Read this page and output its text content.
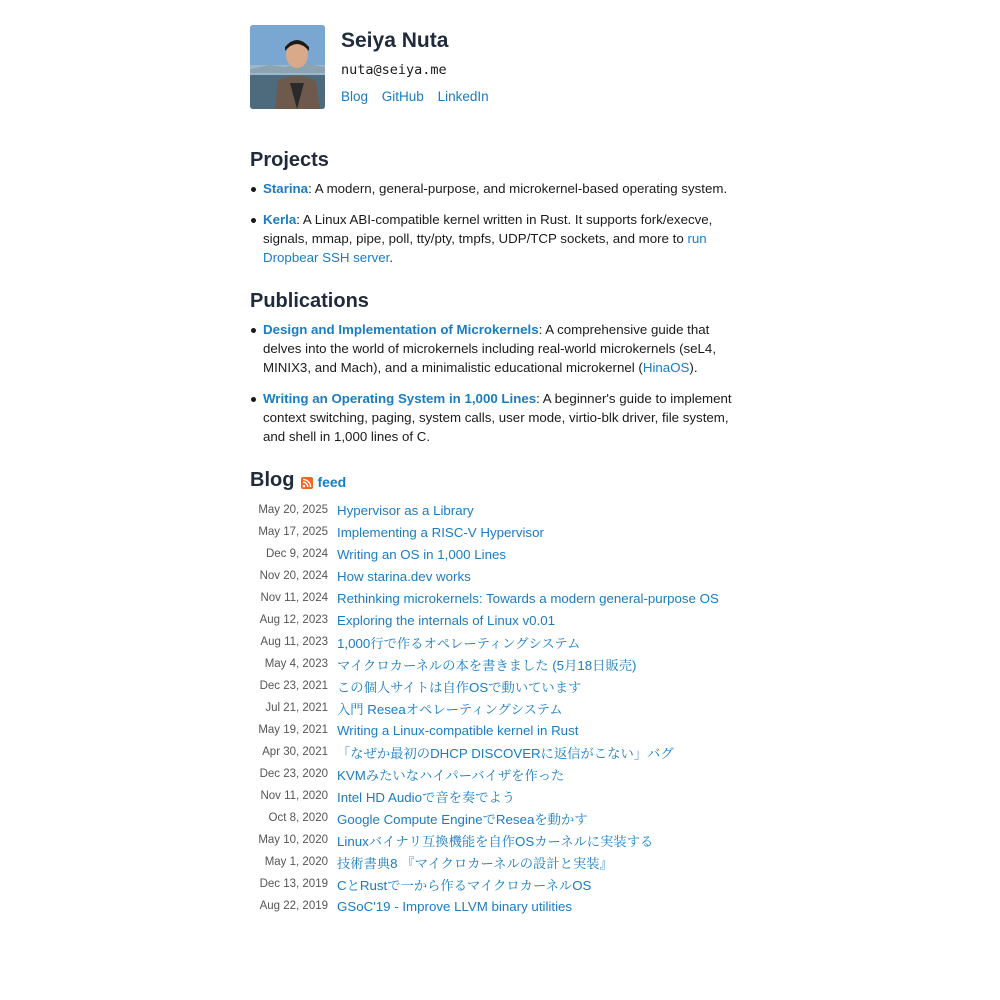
Seiya Nuta
nuta@seiya.me
Blog GitHub LinkedIn
Projects
Starina: A modern, general-purpose, and microkernel-based operating system.
Kerla: A Linux ABI-compatible kernel written in Rust. It supports fork/execve, signals, mmap, pipe, poll, tty/pty, tmpfs, UDP/TCP sockets, and more to run Dropbear SSH server.
Publications
Design and Implementation of Microkernels: A comprehensive guide that delves into the world of microkernels including real-world microkernels (seL4, MINIX3, and Mach), and a minimalistic educational microkernel (HinaOS).
Writing an Operating System in 1,000 Lines: A beginner's guide to implement context switching, paging, system calls, user mode, virtio-blk driver, file system, and shell in 1,000 lines of C.
Blog feed
May 20, 2025	Hypervisor as a Library
May 17, 2025	Implementing a RISC-V Hypervisor
Dec 9, 2024	Writing an OS in 1,000 Lines
Nov 20, 2024	How starina.dev works
Nov 11, 2024	Rethinking microkernels: Towards a modern general-purpose OS
Aug 12, 2023	Exploring the internals of Linux v0.01
Aug 11, 2023	1,000行で作るオペレーティングシステム
May 4, 2023	マイクロカーネルの本を書きました (5月18日販売)
Dec 23, 2021	この個人サイトは自作OSで動いています
Jul 21, 2021	入門 Reseaオペレーティングシステム
May 19, 2021	Writing a Linux-compatible kernel in Rust
Apr 30, 2021	「なぜか最初のDHCP DISCOVERに返信がこない」バグ
Dec 23, 2020	KVMみたいなハイパーバイザを作った
Nov 11, 2020	Intel HD Audioで音を奏でよう
Oct 8, 2020	Google Compute EngineでReseaを動かす
May 10, 2020	Linuxバイナリ互換機能を自作OSカーネルに実装する
May 1, 2020	技術書典8 『マイクロカーネルの設計と実装』
Dec 13, 2019	CとRustで一から作るマイクロカーネルOS
Aug 22, 2019	GSoC'19 - Improve LLVM binary utilities
